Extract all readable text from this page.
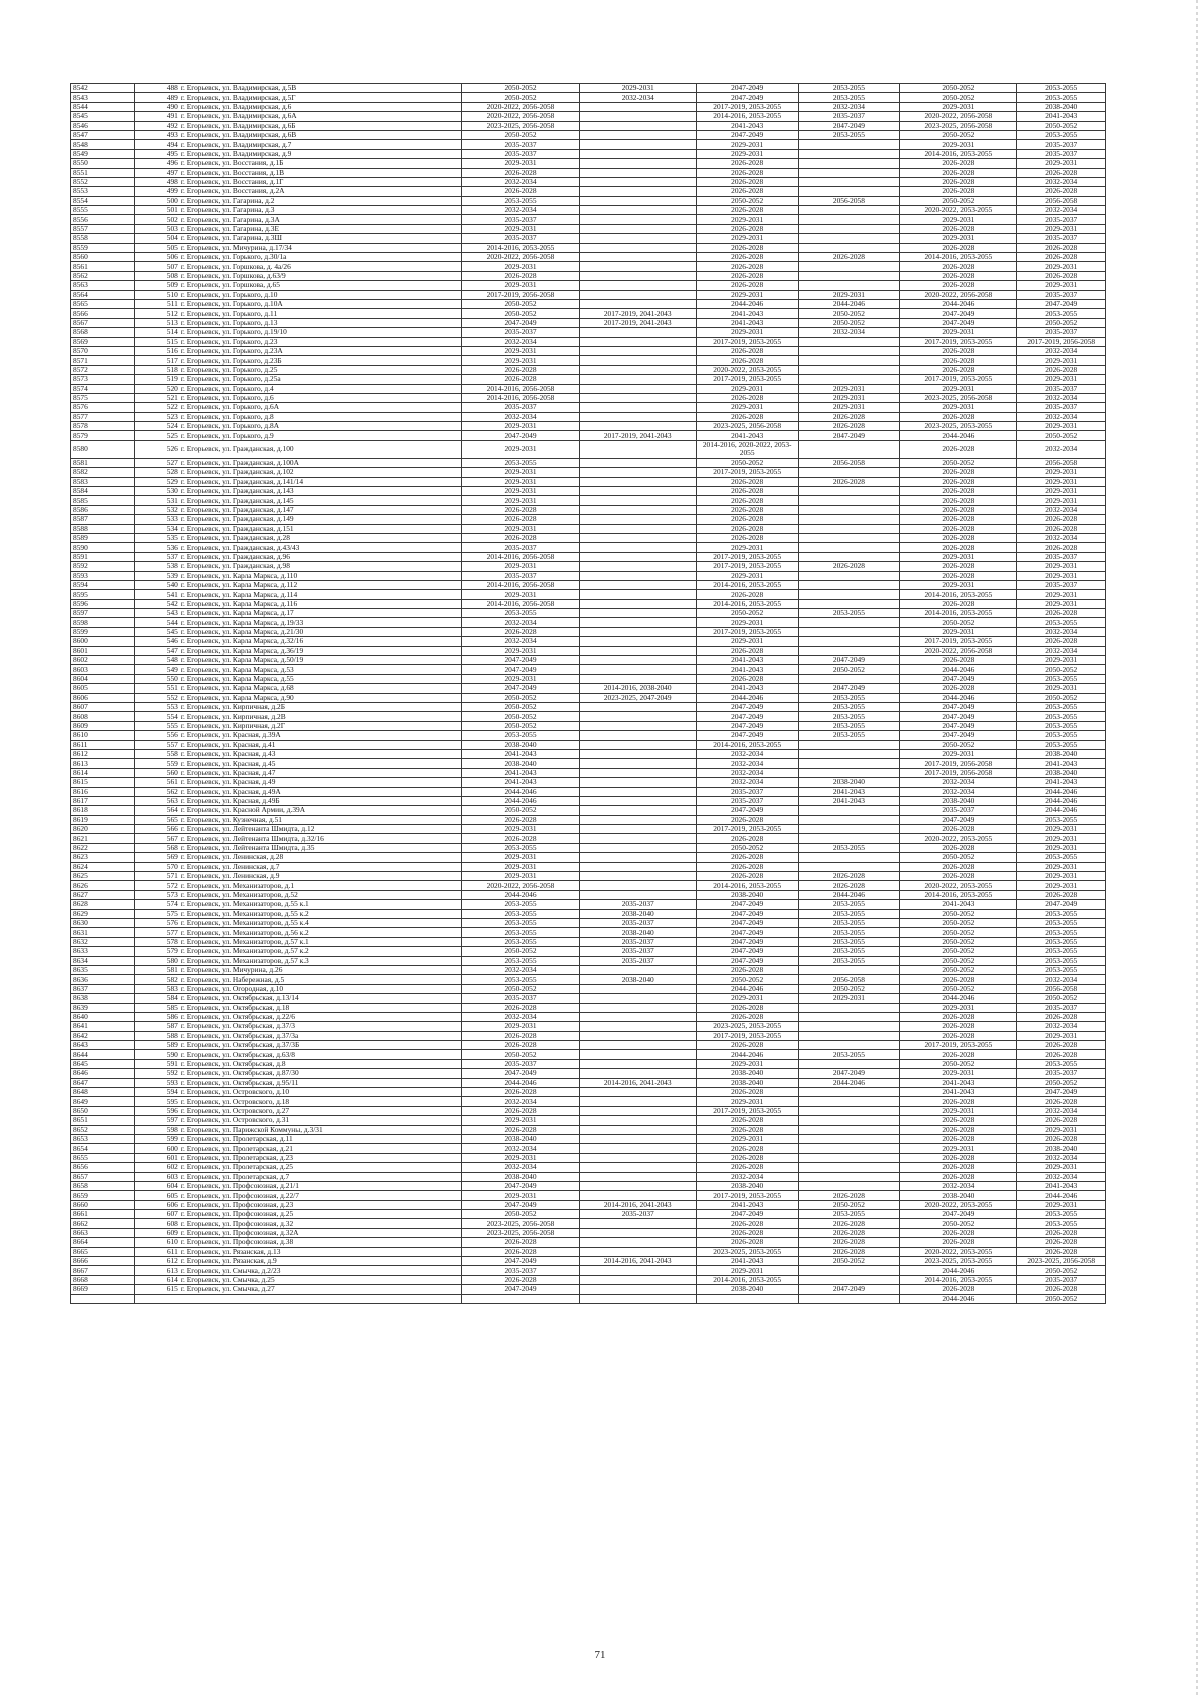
8542	488	г. Егорьевск, ул. Владимирская, д.5В	2050-2052	2029-2031	2047-2049	2053-2055	2050-2052	2053-2055
8543	489	г. Егорьевск, ул. Владимирская, д.5Г	2050-2052	2032-2034	2047-2049	2053-2055	2050-2052	2053-2055
8544	490	г. Егорьевск, ул. Владимирская, д.6	2020-2022, 2056-2058		2017-2019, 2053-2055	2032-2034	2029-2031	2038-2040
8545	491	г. Егорьевск, ул. Владимирская, д.6А	2020-2022, 2056-2058		2014-2016, 2053-2055	2035-2037	2020-2022, 2056-2058	2041-2043
8546	492	г. Егорьевск, ул. Владимирская, д.6Б	2023-2025, 2056-2058		2041-2043	2047-2049	2023-2025, 2056-2058	2050-2052
8547	493	г. Егорьевск, ул. Владимирская, д.6В	2050-2052		2047-2049	2053-2055	2050-2052	2053-2055
8548	494	г. Егорьевск, ул. Владимирская, д.7	2035-2037		2029-2031		2029-2031	2035-2037
8549	495	г. Егорьевск, ул. Владимирская, д.9	2035-2037		2029-2031		2014-2016, 2053-2055	2035-2037
8550	496	г. Егорьевск, ул. Восстания, д.1Б	2029-2031		2026-2028		2026-2028	2029-2031
8551	497	г. Егорьевск, ул. Восстания, д.1В	2026-2028		2026-2028		2026-2028	2026-2028
8552	498	г. Егорьевск, ул. Восстания, д.1Г	2032-2034		2026-2028		2026-2028	2032-2034
8553	499	г. Егорьевск, ул. Восстания, д.2А	2026-2028		2026-2028		2026-2028	2026-2028
8554	500	г. Егорьевск, ул. Гагарина, д.2	2053-2055		2050-2052	2056-2058	2050-2052	2056-2058
8555	501	г. Егорьевск, ул. Гагарина, д.3	2032-2034		2026-2028		2020-2022, 2053-2055	2032-2034
8556	502	г. Егорьевск, ул. Гагарина, д.3А	2035-2037		2029-2031		2029-2031	2035-2037
8557	503	г. Егорьевск, ул. Гагарина, д.3Е	2029-2031		2026-2028		2026-2028	2029-2031
8558	504	г. Егорьевск, ул. Гагарина, д.3Ш	2035-2037		2029-2031		2029-2031	2035-2037
8559	505	г. Егорьевск, ул. Мичурина, д.17/34	2014-2016, 2053-2055		2026-2028		2026-2028	2026-2028
8560	506	г. Егорьевск, ул. Горького, д.30/1а	2020-2022, 2056-2058		2026-2028	2026-2028	2014-2016, 2053-2055	2026-2028
8561	507	г. Егорьевск, ул. Горшкова, д. 4а/26	2029-2031		2026-2028		2026-2028	2029-2031
8562	508	г. Егорьевск, ул. Горшкова, д.63/9	2026-2028		2026-2028		2026-2028	2026-2028
8563	509	г. Егорьевск, ул. Горшкова, д.65	2029-2031		2026-2028		2026-2028	2029-2031
8564	510	г. Егорьевск, ул. Горького, д.10	2017-2019, 2056-2058		2029-2031	2029-2031	2020-2022, 2056-2058	2035-2037
8565	511	г. Егорьевск, ул. Горького, д.10А	2050-2052		2044-2046	2044-2046	2044-2046	2047-2049
8566	512	г. Егорьевск, ул. Горького, д.11	2050-2052	2017-2019, 2041-2043	2041-2043	2050-2052	2047-2049	2053-2055
8567	513	г. Егорьевск, ул. Горького, д.13	2047-2049	2017-2019, 2041-2043	2041-2043	2050-2052	2047-2049	2050-2052
8568	514	г. Егорьевск, ул. Горького, д.19/10	2035-2037		2029-2031	2032-2034	2029-2031	2035-2037
8569	515	г. Егорьевск, ул. Горького, д.23	2032-2034		2017-2019, 2053-2055		2017-2019, 2053-2055	2017-2019, 2056-2058
8570	516	г. Егорьевск, ул. Горького, д.23А	2029-2031		2026-2028		2026-2028	2032-2034
8571	517	г. Егорьевск, ул. Горького, д.23Б	2029-2031		2026-2028		2026-2028	2029-2031
8572	518	г. Егорьевск, ул. Горького, д.25	2026-2028		2020-2022, 2053-2055		2026-2028	2026-2028
8573	519	г. Егорьевск, ул. Горького, д.25а	2026-2028		2017-2019, 2053-2055		2017-2019, 2053-2055	2029-2031
8574	520	г. Егорьевск, ул. Горького, д.4	2014-2016, 2056-2058		2029-2031	2029-2031	2029-2031	2035-2037
8575	521	г. Егорьевск, ул. Горького, д.6	2014-2016, 2056-2058		2026-2028	2029-2031	2023-2025, 2056-2058	2032-2034
8576	522	г. Егорьевск, ул. Горького, д.6А	2035-2037		2029-2031	2029-2031	2029-2031	2035-2037
8577	523	г. Егорьевск, ул. Горького, д.8	2032-2034		2026-2028	2026-2028	2026-2028	2032-2034
8578	524	г. Егорьевск, ул. Горького, д.8А	2029-2031		2023-2025, 2056-2058	2026-2028	2023-2025, 2053-2055	2029-2031
8579	525	г. Егорьевск, ул. Горького, д.9	2047-2049	2017-2019, 2041-2043	2041-2043	2047-2049	2044-2046	2050-2052
8580	526	г. Егорьевск, ул. Гражданская, д.100	2029-2031		2014-2016, 2020-2022, 2053-2055		2026-2028	2032-2034
8581	527	г. Егорьевск, ул. Гражданская, д.100А	2053-2055		2050-2052	2056-2058	2050-2052	2056-2058
8582	528	г. Егорьевск, ул. Гражданская, д.102	2029-2031		2017-2019, 2053-2055		2026-2028	2029-2031
8583	529	г. Егорьевск, ул. Гражданская, д.141/14	2029-2031		2026-2028	2026-2028	2026-2028	2029-2031
8584	530	г. Егорьевск, ул. Гражданская, д.143	2029-2031		2026-2028		2026-2028	2029-2031
8585	531	г. Егорьевск, ул. Гражданская, д.145	2029-2031		2026-2028		2026-2028	2029-2031
8586	532	г. Егорьевск, ул. Гражданская, д.147	2026-2028		2026-2028		2026-2028	2032-2034
8587	533	г. Егорьевск, ул. Гражданская, д.149	2026-2028		2026-2028		2026-2028	2026-2028
8588	534	г. Егорьевск, ул. Гражданская, д.151	2029-2031		2026-2028		2026-2028	2026-2028
8589	535	г. Егорьевск, ул. Гражданская, д.28	2026-2028		2026-2028		2026-2028	2032-2034
8590	536	г. Егорьевск, ул. Гражданская, д.43/43	2035-2037		2029-2031		2026-2028	2026-2028
8591	537	г. Егорьевск, ул. Гражданская, д.96	2014-2016, 2056-2058		2017-2019, 2053-2055		2029-2031	2035-2037
8592	538	г. Егорьевск, ул. Гражданская, д.98	2029-2031		2017-2019, 2053-2055	2026-2028	2026-2028	2029-2031
8593	539	г. Егорьевск, ул. Карла Маркса, д.110	2035-2037		2029-2031		2026-2028	2029-2031
8594	540	г. Егорьевск, ул. Карла Маркса, д.112	2014-2016, 2056-2058		2014-2016, 2053-2055		2029-2031	2035-2037
8595	541	г. Егорьевск, ул. Карла Маркса, д.114	2029-2031		2026-2028		2014-2016, 2053-2055	2029-2031
8596	542	г. Егорьевск, ул. Карла Маркса, д.116	2014-2016, 2056-2058		2014-2016, 2053-2055		2026-2028	2029-2031
8597	543	г. Егорьевск, ул. Карла Маркса, д.17	2053-2055		2050-2052	2053-2055	2014-2016, 2053-2055	2026-2028
8598	544	г. Егорьевск, ул. Карла Маркса, д.19/33	2032-2034		2029-2031		2050-2052	2053-2055
8599	545	г. Егорьевск, ул. Карла Маркса, д.21/30	2026-2028		2017-2019, 2053-2055		2029-2031	2032-2034
8600	546	г. Егорьевск, ул. Карла Маркса, д.32/16	2032-2034		2029-2031		2017-2019, 2053-2055	2026-2028
8601	547	г. Егорьевск, ул. Карла Маркса, д.36/19	2029-2031		2026-2028		2020-2022, 2056-2058	2032-2034
8602	548	г. Егорьевск, ул. Карла Маркса, д.50/19	2047-2049		2041-2043	2047-2049	2026-2028	2029-2031
8603	549	г. Егорьевск, ул. Карла Маркса, д.53	2047-2049		2041-2043	2050-2052	2044-2046	2050-2052
8604	550	г. Егорьевск, ул. Карла Маркса, д.55	2029-2031		2026-2028		2047-2049	2053-2055
8605	551	г. Егорьевск, ул. Карла Маркса, д.68	2047-2049	2014-2016, 2038-2040	2041-2043	2047-2049	2026-2028	2029-2031
8606	552	г. Егорьевск, ул. Карла Маркса, д.90	2050-2052	2023-2025, 2047-2049	2044-2046	2053-2055	2044-2046	2050-2052
8607	553	г. Егорьевск, ул. Кирпичная, д.2Б	2050-2052		2047-2049	2053-2055	2047-2049	2053-2055
8608	554	г. Егорьевск, ул. Кирпичная, д.2В	2050-2052		2047-2049	2053-2055	2047-2049	2053-2055
8609	555	г. Егорьевск, ул. Кирпичная, д.2Г	2050-2052		2047-2049	2053-2055	2047-2049	2053-2055
8610	556	г. Егорьевск, ул. Красная, д.39А	2053-2055		2047-2049	2053-2055	2047-2049	2053-2055
8611	557	г. Егорьевск, ул. Красная, д.41	2038-2040		2014-2016, 2053-2055		2050-2052	2053-2055
8612	558	г. Егорьевск, ул. Красная, д.43	2041-2043		2032-2034		2029-2031	2038-2040
8613	559	г. Егорьевск, ул. Красная, д.45	2038-2040		2032-2034		2017-2019, 2056-2058	2041-2043
8614	560	г. Егорьевск, ул. Красная, д.47	2041-2043		2032-2034		2017-2019, 2056-2058	2038-2040
8615	561	г. Егорьевск, ул. Красная, д.49	2041-2043		2032-2034	2038-2040	2032-2034	2041-2043
8616	562	г. Егорьевск, ул. Красная, д.49А	2044-2046		2035-2037	2041-2043	2032-2034	2044-2046
8617	563	г. Егорьевск, ул. Красная, д.49Б	2044-2046		2035-2037	2041-2043	2038-2040	2044-2046
8618	564	г. Егорьевск, ул. Красной Армии, д.39А	2050-2052		2047-2049		2035-2037	2044-2046
8619	565	г. Егорьевск, ул. Кузнечная, д.51	2026-2028		2026-2028		2047-2049	2053-2055
8620	566	г. Егорьевск, ул. Лейтенанта Шмидта, д.12	2029-2031		2017-2019, 2053-2055		2026-2028	2029-2031
8621	567	г. Егорьевск, ул. Лейтенанта Шмидта, д.32/16	2026-2028		2026-2028		2020-2022, 2053-2055	2029-2031
8622	568	г. Егорьевск, ул. Лейтенанта Шмидта, д.35	2053-2055		2050-2052	2053-2055	2026-2028	2029-2031
8623	569	г. Егорьевск, ул. Ленинская, д.28	2029-2031		2026-2028		2050-2052	2053-2055
8624	570	г. Егорьевск, ул. Ленинская, д.7	2029-2031		2026-2028		2026-2028	2029-2031
8625	571	г. Егорьевск, ул. Ленинская, д.9	2029-2031		2026-2028	2026-2028	2026-2028	2029-2031
8626	572	г. Егорьевск, ул. Механизаторов, д.1	2020-2022, 2056-2058		2014-2016, 2053-2055	2026-2028	2020-2022, 2053-2055	2029-2031
8627	573	г. Егорьевск, ул. Механизаторов, д.52	2044-2046		2038-2040	2044-2046	2014-2016, 2053-2055	2026-2028
8628	574	г. Егорьевск, ул. Механизаторов, д.55 к.1	2053-2055	2035-2037	2047-2049	2053-2055	2041-2043	2047-2049
8629	575	г. Егорьевск, ул. Механизаторов, д.55 к.2	2053-2055	2038-2040	2047-2049	2053-2055	2050-2052	2053-2055
8630	576	г. Егорьевск, ул. Механизаторов, д.55 к.4	2053-2055	2035-2037	2047-2049	2053-2055	2050-2052	2053-2055
8631	577	г. Егорьевск, ул. Механизаторов, д.56 к.2	2053-2055	2038-2040	2047-2049	2053-2055	2050-2052	2053-2055
8632	578	г. Егорьевск, ул. Механизаторов, д.57 к.1	2053-2055	2035-2037	2047-2049	2053-2055	2050-2052	2053-2055
8633	579	г. Егорьевск, ул. Механизаторов, д.57 к.2	2050-2052	2035-2037	2047-2049	2053-2055	2050-2052	2053-2055
8634	580	г. Егорьевск, ул. Механизаторов, д.57 к.3	2053-2055	2035-2037	2047-2049	2053-2055	2050-2052	2053-2055
8635	581	г. Егорьевск, ул. Мичурина, д.26	2032-2034		2026-2028		2050-2052	2053-2055
8636	582	г. Егорьевск, ул. Набережная, д.5	2053-2055	2038-2040	2050-2052	2056-2058	2026-2028	2032-2034
8637	583	г. Егорьевск, ул. Огородная, д.10	2050-2052		2044-2046	2050-2052	2050-2052	2056-2058
8638	584	г. Егорьевск, ул. Октябрьская, д.13/14	2035-2037		2029-2031	2029-2031	2044-2046	2050-2052
8639	585	г. Егорьевск, ул. Октябрьская, д.18	2026-2028		2026-2028		2029-2031	2035-2037
8640	586	г. Егорьевск, ул. Октябрьская, д.22/6	2032-2034		2026-2028		2026-2028	2026-2028
8641	587	г. Егорьевск, ул. Октябрьская, д.37/3	2029-2031		2023-2025, 2053-2055		2026-2028	2032-2034
8642	588	г. Егорьевск, ул. Октябрьская, д.37/3а	2026-2028		2017-2019, 2053-2055		2026-2028	2029-2031
8643	589	г. Егорьевск, ул. Октябрьская, д.37/3Б	2026-2028		2026-2028		2017-2019, 2053-2055	2026-2028
8644	590	г. Егорьевск, ул. Октябрьская, д.63/8	2050-2052		2044-2046	2053-2055	2026-2028	2026-2028
8645	591	г. Егорьевск, ул. Октябрьская, д.8	2035-2037		2029-2031		2050-2052	2053-2055
8646	592	г. Егорьевск, ул. Октябрьская, д.87/30	2047-2049		2038-2040	2047-2049	2029-2031	2035-2037
8647	593	г. Егорьевск, ул. Октябрьская, д.95/11	2044-2046	2014-2016, 2041-2043	2038-2040	2044-2046	2041-2043	2050-2052
8648	594	г. Егорьевск, ул. Островского, д.10	2026-2028		2026-2028		2041-2043	2047-2049
8649	595	г. Егорьевск, ул. Островского, д.18	2032-2034		2029-2031		2026-2028	2026-2028
8650	596	г. Егорьевск, ул. Островского, д.27	2026-2028		2017-2019, 2053-2055		2029-2031	2032-2034
8651	597	г. Егорьевск, ул. Островского, д.31	2029-2031		2026-2028		2026-2028	2026-2028
8652	598	г. Егорьевск, ул. Парижской Коммуны, д.3/31	2026-2028		2026-2028		2026-2028	2029-2031
8653	599	г. Егорьевск, ул. Пролетарская, д.11	2038-2040		2029-2031		2026-2028	2026-2028
8654	600	г. Егорьевск, ул. Пролетарская, д.21	2032-2034		2026-2028		2029-2031	2038-2040
8655	601	г. Егорьевск, ул. Пролетарская, д.23	2029-2031		2026-2028		2026-2028	2032-2034
8656	602	г. Егорьевск, ул. Пролетарская, д.25	2032-2034		2026-2028		2026-2028	2029-2031
8657	603	г. Егорьевск, ул. Пролетарская, д.7	2038-2040		2032-2034		2026-2028	2032-2034
8658	604	г. Егорьевск, ул. Профсоюзная, д.21/1	2047-2049		2038-2040		2032-2034	2041-2043
8659	605	г. Егорьевск, ул. Профсоюзная, д.22/7	2029-2031		2017-2019, 2053-2055	2026-2028	2038-2040	2044-2046
8660	606	г. Егорьевск, ул. Профсоюзная, д.23	2047-2049	2014-2016, 2041-2043	2041-2043	2050-2052	2020-2022, 2053-2055	2029-2031
8661	607	г. Егорьевск, ул. Профсоюзная, д.25	2050-2052	2035-2037	2047-2049	2053-2055	2047-2049	2053-2055
8662	608	г. Егорьевск, ул. Профсоюзная, д.32	2023-2025, 2056-2058		2026-2028	2026-2028	2050-2052	2053-2055
8663	609	г. Егорьевск, ул. Профсоюзная, д.32А	2023-2025, 2056-2058		2026-2028	2026-2028	2026-2028	2026-2028
8664	610	г. Егорьевск, ул. Профсоюзная, д.38	2026-2028		2026-2028	2026-2028	2026-2028	2026-2028
8665	611	г. Егорьевск, ул. Рязанская, д.13	2026-2028		2023-2025, 2053-2055	2026-2028	2020-2022, 2053-2055	2026-2028
8666	612	г. Егорьевск, ул. Рязанская, д.9	2047-2049	2014-2016, 2041-2043	2041-2043	2050-2052	2023-2025, 2053-2055	2023-2025, 2056-2058
8667	613	г. Егорьевск, ул. Смычка, д.2/23	2035-2037		2029-2031		2044-2046	2050-2052
8668	614	г. Егорьевск, ул. Смычка, д.25	2026-2028		2014-2016, 2053-2055		2014-2016, 2053-2055	2035-2037
8669	615	г. Егорьевск, ул. Смычка, д.27	2047-2049		2038-2040	2047-2049	2026-2028	2026-2028
							2044-2046	2050-2052
71
